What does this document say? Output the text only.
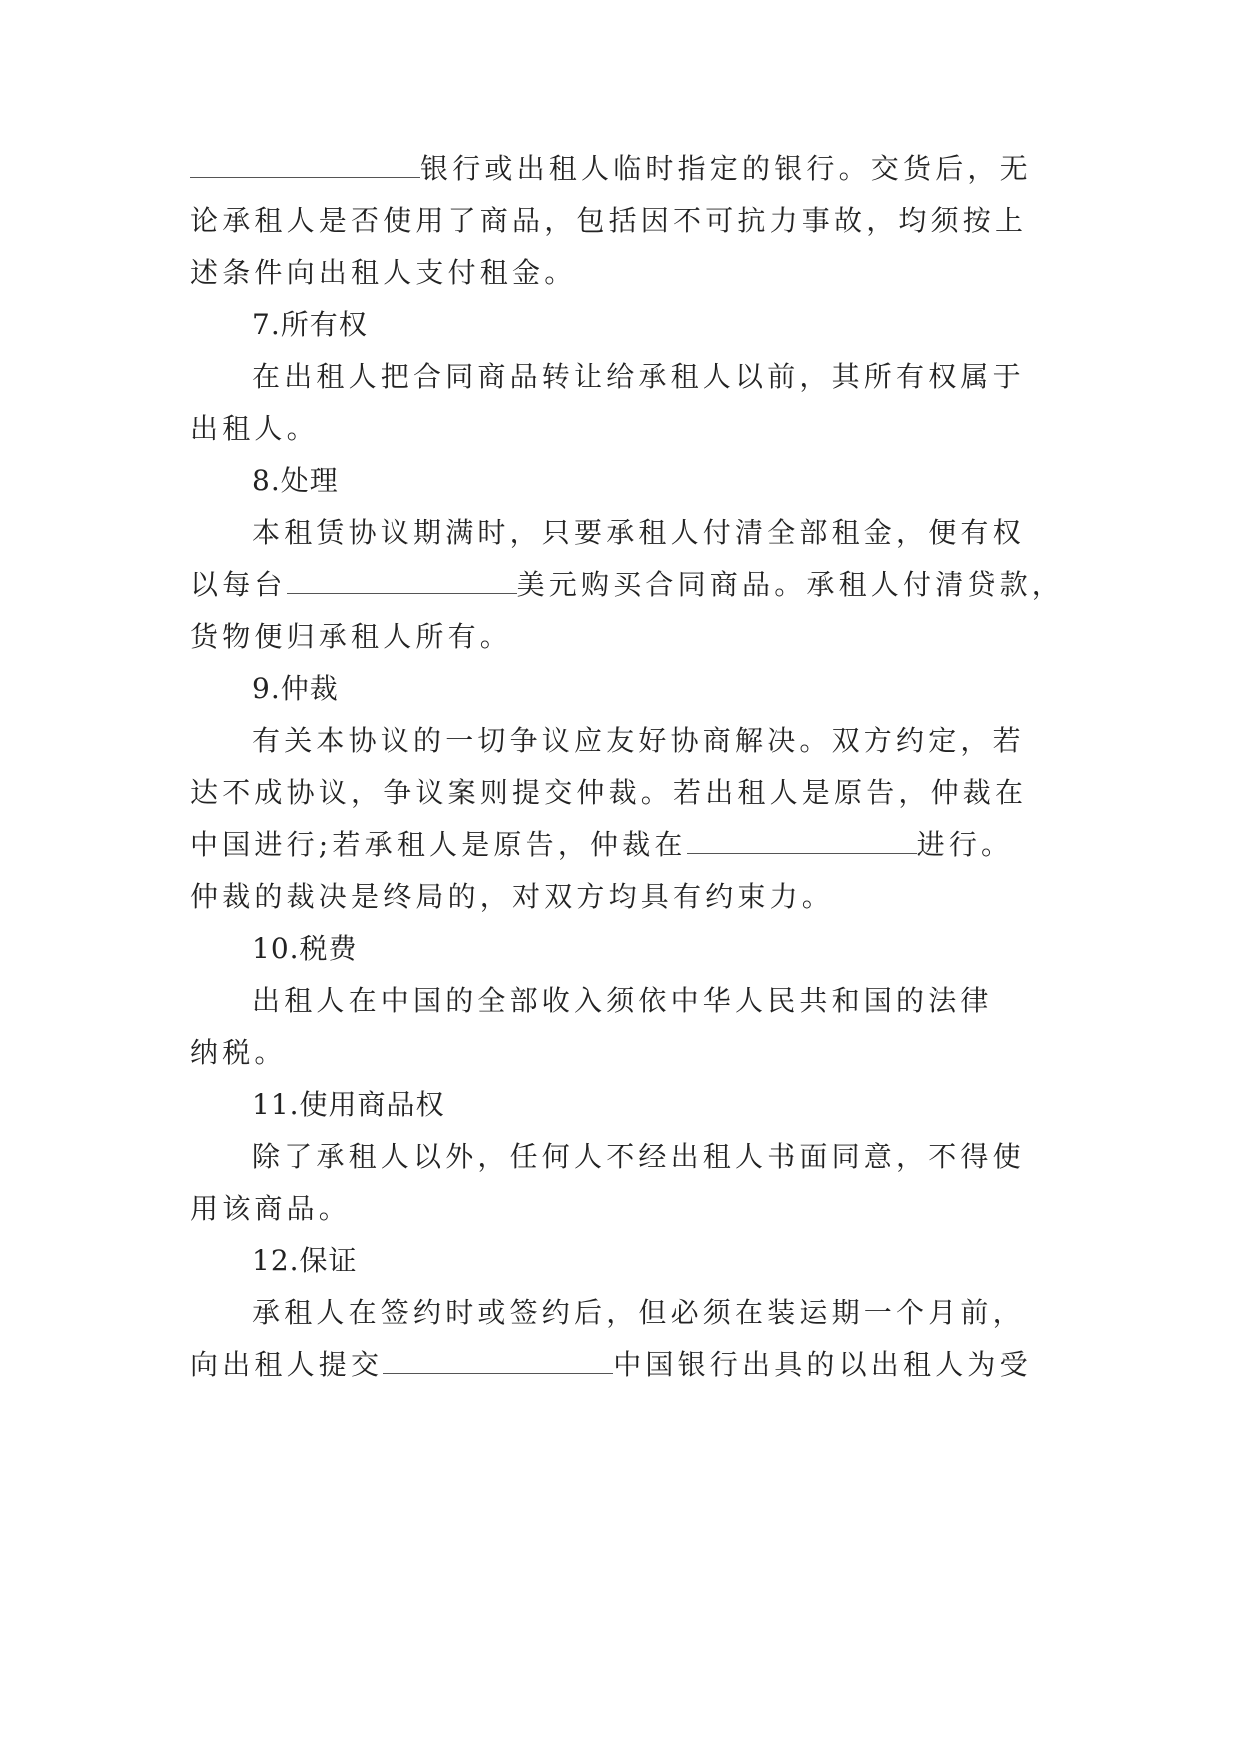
银行或出租人临时指定的银行。交货后，无
论承租人是否使用了商品，包括因不可抗力事故，均须按上
述条件向出租人支付租金。
7.所有权
在出租人把合同商品转让给承租人以前，其所有权属于
出租人。
8.处理
本租赁协议期满时，只要承租人付清全部租金，便有权
以每台	美元购买合同商品。承租人付清贷款，
货物便归承租人所有。
9.仲裁
有关本协议的一切争议应友好协商解决。双方约定，若
达不成协议，争议案则提交仲裁。若出租人是原告，仲裁在
中国进行;若承租人是原告，仲裁在	进行。
仲裁的裁决是终局的，对双方均具有约束力。
10.税费
出租人在中国的全部收入须依中华人民共和国的法律
纳税。
11.使用商品权
除了承租人以外，任何人不经出租人书面同意，不得使
用该商品。
12.保证
承租人在签约时或签约后，但必须在装运期一个月前，
向出租人提交	中国银行出具的以出租人为受
